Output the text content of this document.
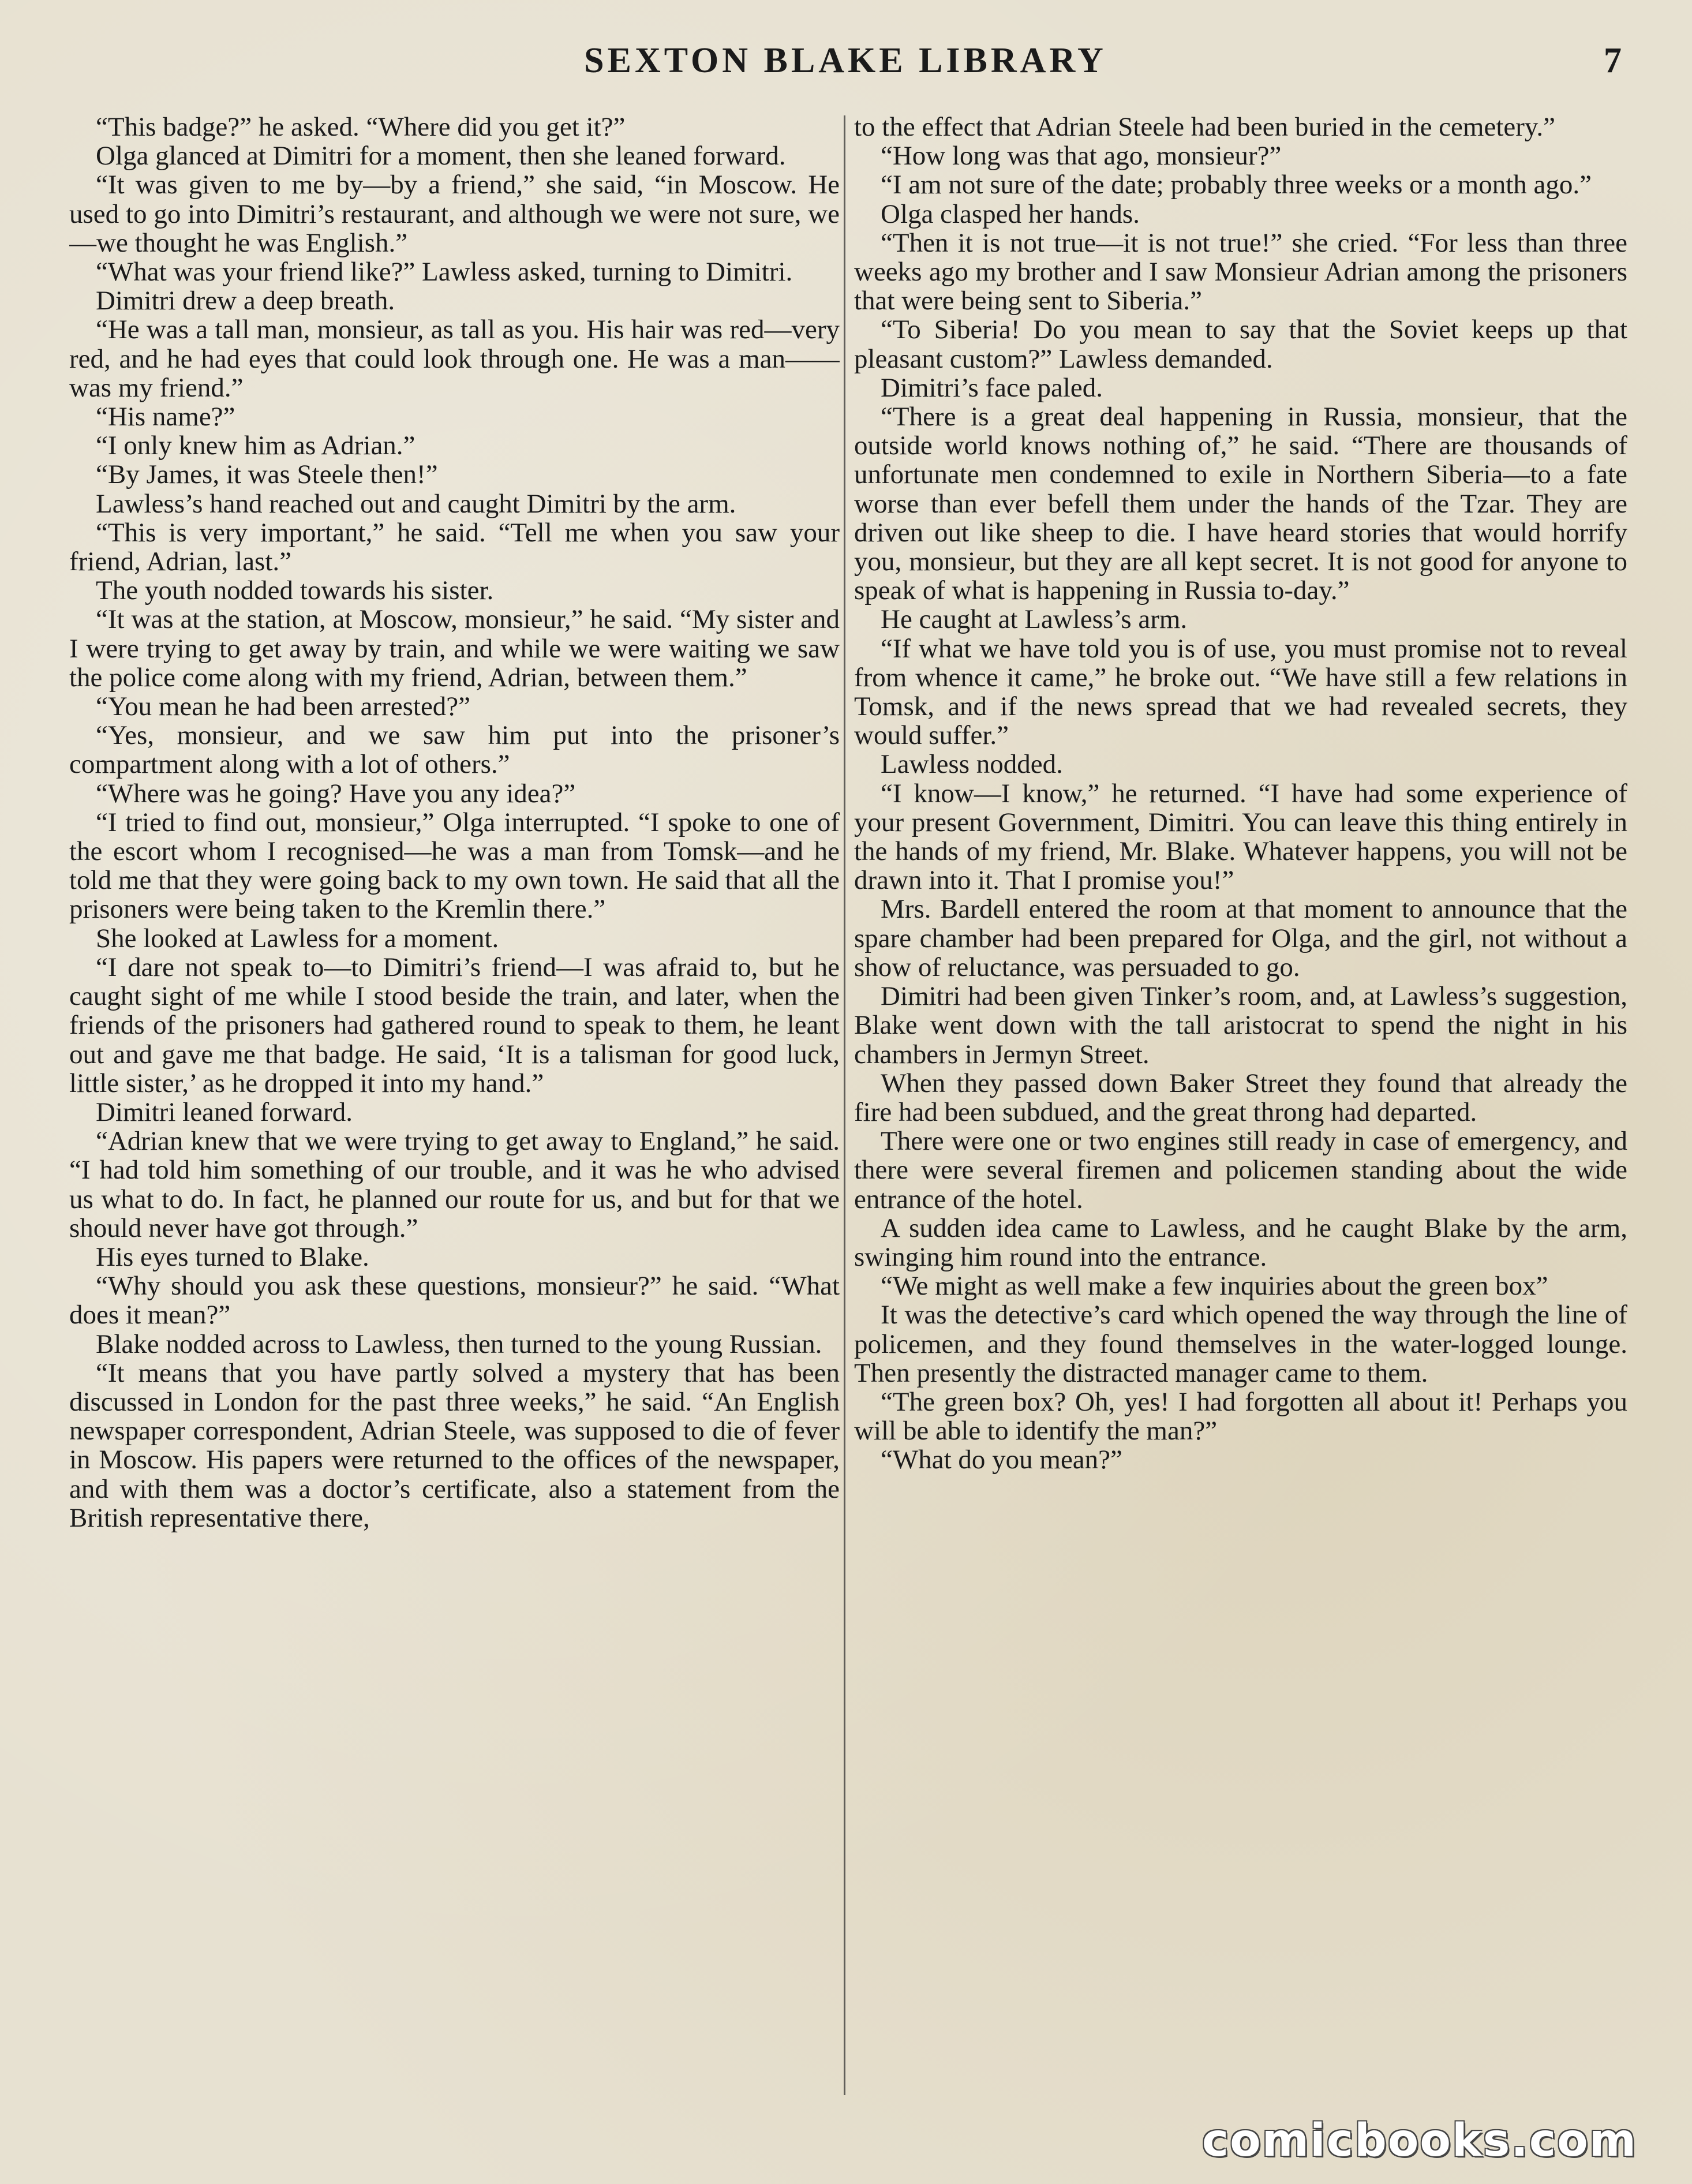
SEXTON BLAKE LIBRARY	7

“This badge?” he asked. “Where did you get it?”

Olga glanced at Dimitri for a moment, then she leaned forward.

“It was given to me by—by a friend,” she said, “in Moscow. He used to go into Dimitri’s restaurant, and although we were not sure, we—we thought he was English.”

“What was your friend like?” Lawless asked, turning to Dimitri.

Dimitri drew a deep breath.

“He was a tall man, monsieur, as tall as you. His hair was red—very red, and he had eyes that could look through one. He was a man——was my friend.”

“His name?”

“I only knew him as Adrian.”

“By James, it was Steele then!”

Lawless’s hand reached out and caught Dimitri by the arm.

“This is very important,” he said. “Tell me when you saw your friend, Adrian, last.”

The youth nodded towards his sister.

“It was at the station, at Moscow, monsieur,” he said. “My sister and I were trying to get away by train, and while we were waiting we saw the police come along with my friend, Adrian, between them.”

“You mean he had been arrested?”

“Yes, monsieur, and we saw him put into the prisoner’s compartment along with a lot of others.”

“Where was he going? Have you any idea?”

“I tried to find out, monsieur,” Olga interrupted. “I spoke to one of the escort whom I recognised—he was a man from Tomsk—and he told me that they were going back to my own town. He said that all the prisoners were being taken to the Kremlin there.”

She looked at Lawless for a moment.

“I dare not speak to—to Dimitri’s friend—I was afraid to, but he caught sight of me while I stood beside the train, and later, when the friends of the prisoners had gathered round to speak to them, he leant out and gave me that badge. He said, ‘It is a talisman for good luck, little sister,’ as he dropped it into my hand.”

Dimitri leaned forward.

“Adrian knew that we were trying to get away to England,” he said. “I had told him something of our trouble, and it was he who advised us what to do. In fact, he planned our route for us, and but for that we should never have got through.”

His eyes turned to Blake.

“Why should you ask these questions, monsieur?” he said. “What does it mean?”

Blake nodded across to Lawless, then turned to the young Russian.

“It means that you have partly solved a mystery that has been discussed in London for the past three weeks,” he said. “An English newspaper correspondent, Adrian Steele, was supposed to die of fever in Moscow. His papers were returned to the offices of the newspaper, and with them was a doctor’s certificate, also a statement from the British representative there,

to the effect that Adrian Steele had been buried in the cemetery.”

“How long was that ago, monsieur?”

“I am not sure of the date; probably three weeks or a month ago.”

Olga clasped her hands.

“Then it is not true—it is not true!” she cried. “For less than three weeks ago my brother and I saw Monsieur Adrian among the prisoners that were being sent to Siberia.”

“To Siberia! Do you mean to say that the Soviet keeps up that pleasant custom?” Lawless demanded.

Dimitri’s face paled.

“There is a great deal happening in Russia, monsieur, that the outside world knows nothing of,” he said. “There are thousands of unfortunate men condemned to exile in Northern Siberia—to a fate worse than ever befell them under the hands of the Tzar. They are driven out like sheep to die. I have heard stories that would horrify you, monsieur, but they are all kept secret. It is not good for anyone to speak of what is happening in Russia to-day.”

He caught at Lawless’s arm.

“If what we have told you is of use, you must promise not to reveal from whence it came,” he broke out. “We have still a few relations in Tomsk, and if the news spread that we had revealed secrets, they would suffer.”

Lawless nodded.

“I know—I know,” he returned. “I have had some experience of your present Government, Dimitri. You can leave this thing entirely in the hands of my friend, Mr. Blake. Whatever happens, you will not be drawn into it. That I promise you!”

Mrs. Bardell entered the room at that moment to announce that the spare chamber had been prepared for Olga, and the girl, not without a show of reluctance, was persuaded to go.

Dimitri had been given Tinker’s room, and, at Lawless’s suggestion, Blake went down with the tall aristocrat to spend the night in his chambers in Jermyn Street.

When they passed down Baker Street they found that already the fire had been subdued, and the great throng had departed.

There were one or two engines still ready in case of emergency, and there were several firemen and policemen standing about the wide entrance of the hotel.

A sudden idea came to Lawless, and he caught Blake by the arm, swinging him round into the entrance.

“We might as well make a few inquiries about the green box”

It was the detective’s card which opened the way through the line of policemen, and they found themselves in the water-logged lounge. Then presently the distracted manager came to them.

“The green box? Oh, yes! I had forgotten all about it! Perhaps you will be able to identify the man?”

“What do you mean?”

comicbooks.com
